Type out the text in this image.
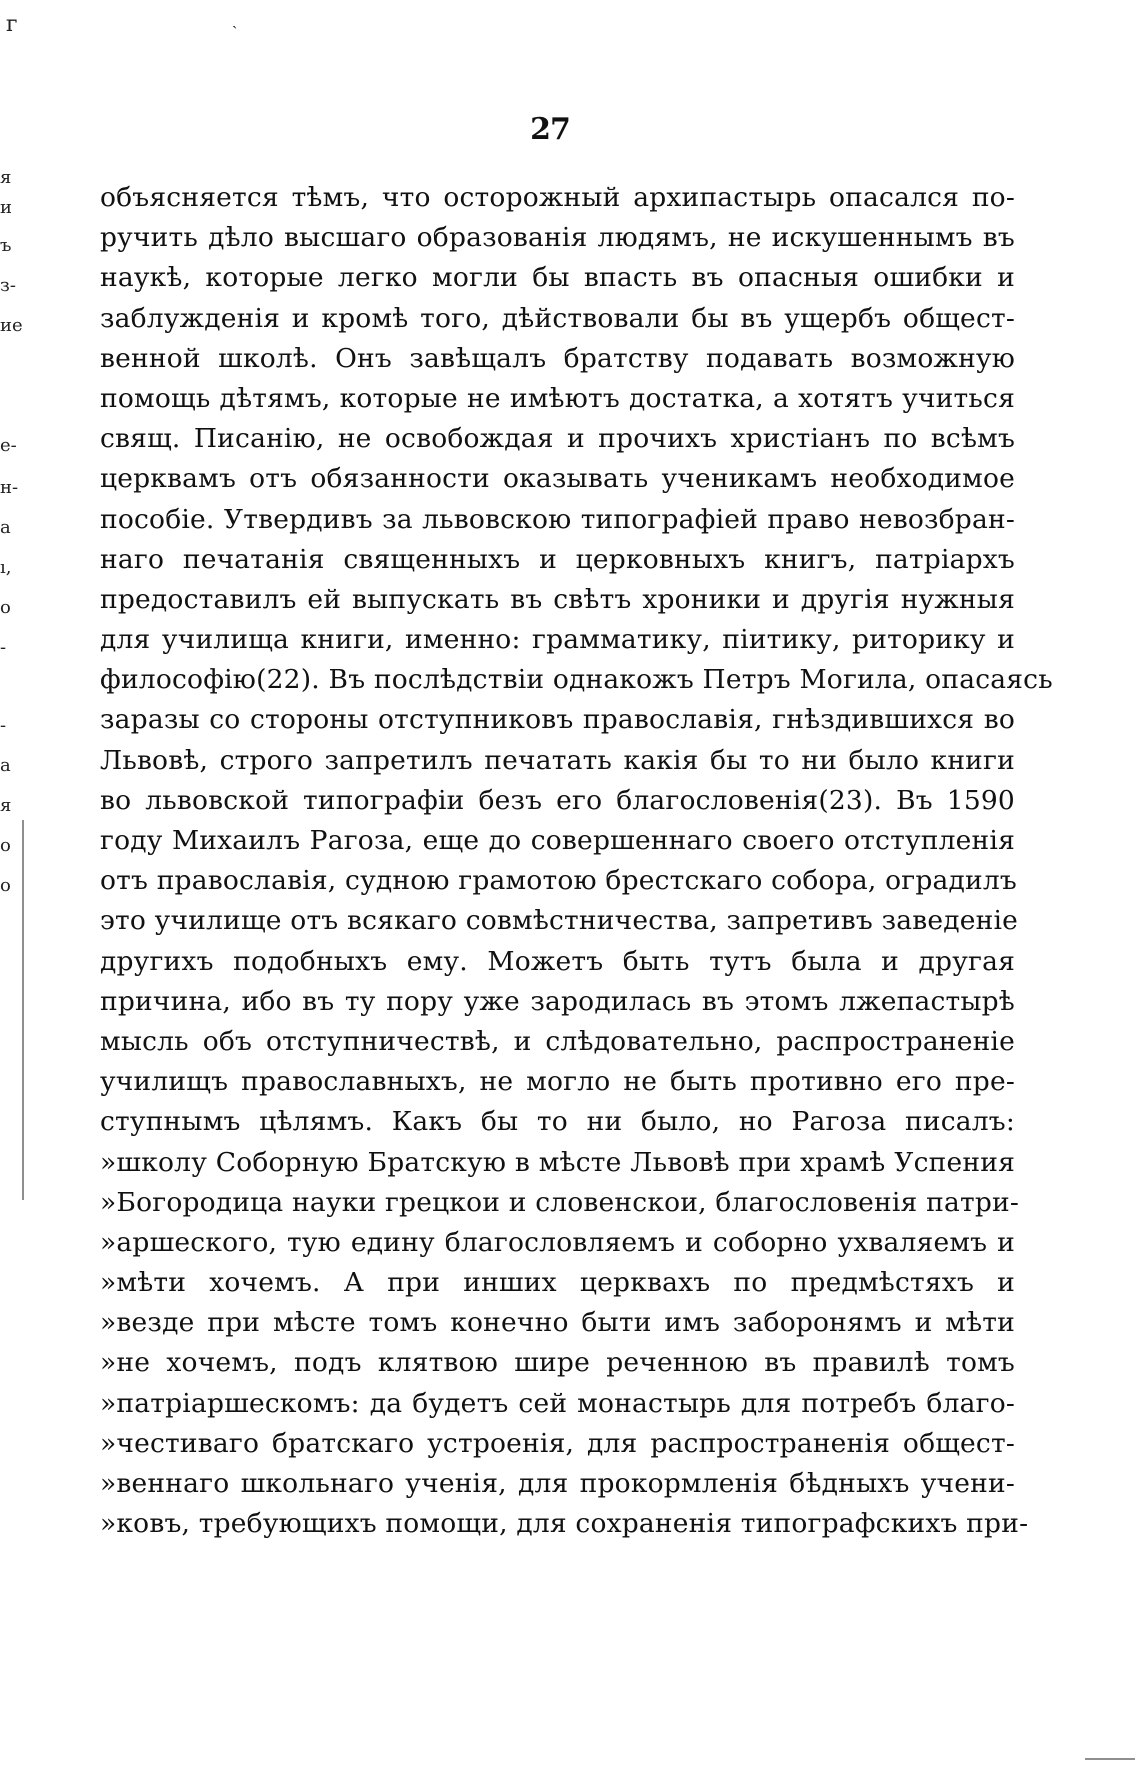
г	ˎ
я
и
ъ
з-
ие
е-
н-
а
ı,
о
-
-
а
я
о
о
27
объясняется тѣмъ, что осторожный архипастырь опасался по-
ручить дѣло высшаго образованія людямъ, не искушеннымъ въ
наукѣ, которые легко могли бы впасть въ опасныя ошибки и
заблужденія и кромѣ того, дѣйствовали бы въ ущербъ общест-
венной школѣ. Онъ завѣщалъ братству подавать возможную
помощь дѣтямъ, которые не имѣютъ достатка, а хотятъ учиться
свящ. Писанію, не освобождая и прочихъ христіанъ по всѣмъ
церквамъ отъ обязанности оказывать ученикамъ необходимое
пособіе. Утвердивъ за львовскою типографіей право невозбран-
наго печатанія священныхъ и церковныхъ книгъ, патріархъ
предоставилъ ей выпускать въ свѣтъ хроники и другія нужныя
для училища книги, именно: грамматику, піитику, риторику и
философію(22). Въ послѣдствіи однакожъ Петръ Могила, опасаясь
заразы со стороны отступниковъ православія, гнѣздившихся во
Львовѣ, строго запретилъ печатать какія бы то ни было книги
во львовской типографіи безъ его благословенія(23). Въ 1590
году Михаилъ Рагоза, еще до совершеннаго своего отступленія
отъ православія, судною грамотою брестскаго собора, оградилъ
это училище отъ всякаго совмѣстничества, запретивъ заведеніе
другихъ подобныхъ ему. Можетъ быть тутъ была и другая
причина, ибо въ ту пору уже зародилась въ этомъ лжепастырѣ
мысль объ отступничествѣ, и слѣдовательно, распространеніе
училищъ православныхъ, не могло не быть противно его пре-
ступнымъ цѣлямъ. Какъ бы то ни было, но Рагоза писалъ:
»школу Соборную Братскую в мѣсте Львовѣ при храмѣ Успения
»Богородица науки грецкои и словенскои, благословенія патри-
»аршеского, тую едину благословляемъ и соборно ухваляемъ и
»мѣти хочемъ. А при инших церквахъ по предмѣстяхъ и
»везде при мѣсте томъ конечно быти имъ заборонямъ и мѣти
»не хочемъ, подъ клятвою шире реченною въ правилѣ томъ
»патріаршескомъ: да будетъ сей монастырь для потребъ благо-
»честиваго братскаго устроенія, для распространенія общест-
»веннаго школьнаго ученія, для прокормленія бѣдныхъ учени-
»ковъ, требующихъ помощи, для сохраненія типографскихъ при-
